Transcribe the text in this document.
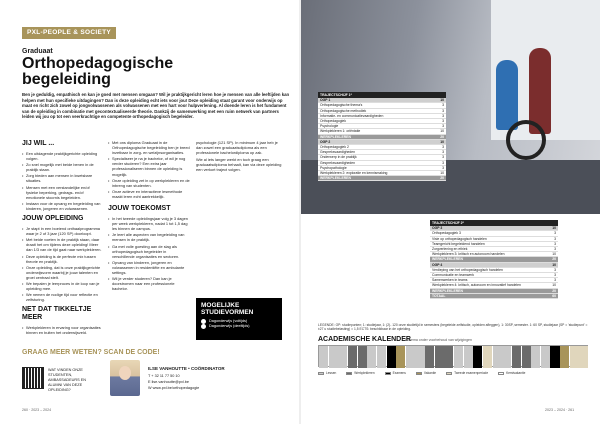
PXL-PEOPLE & SOCIETY
Graduaat
Orthopedagogische begeleiding
Ben je geduldig, empathisch en kan je goed met mensen omgaan? Wil je praktijkgericht leren hoe je mensen van alle leeftijden kan helpen met hun specifieke uitdagingen? Dan is deze opleiding echt iets voor jou! Deze opleiding staat garant voor onderwijs op maat en richt zich zowel op jongvolwassenen als volwassenen met een hart voor hulpverlening. Al doende leren is het fundament van de opleiding in combinatie met gecontextualiseerde theorie. Dankzij de samenwerking met een ruim netwerk van partners leiden wij jou op tot een veerkrachtige en competente orthopedagogisch begeleider.
JIJ WIL ...
• Een uitdagende praktijkgerichte opleiding volgen.
• Zo snel mogelijk met beide benen in de praktijk staan.
• Zorg bieden aan mensen in kwetsbare situaties.
• Mensen met een verstandelijke en/of fysieke beperking, gedrags- en/of emotionele stoornis begeleiden.
• Instaan voor de opvang en begeleiding van kinderen, jongeren en volwassenen.
JOUW OPLEIDING
• Je stapt in een boeiend onthaalprogramma waar je 2 of 3 jaar (120 SP) doorloopt.
• Met beide voeten in de praktijk staan, daar draait het om tijdens deze opleiding! Meer dan 1/3 van de tijd gaat naar werkplekleren.
• Deze opleiding is de perfecte mix tussen theorie en praktijk.
• Onze opleiding, dat is onze praktijkgerichte onderwijsvorm waarbij je jouw talenten en groei centraal stelt.
• We bepalen je leerproces in de loop van je opleiding mee.
• We nemen de nodige tijd voor reflectie en zelfsturing.
NET DAT TIKKELTJE MEER
• Werkplekleren in ervaring voor organisaties binnen en buiten het onderwijsveld.
• Met ons diploma Graduaat in de Orthopedagogische begeleiding ben je breed inzetbaar in zorg- en welzijnsorganisaties.
• Specialiseer je na je bachelor, of wil je nog verder studeren? Een extra jaar professionaliseren binnen de opleiding is mogelijk.
• Onze opleiding zet in op werkplekleren en de inbreng van studenten.
• Onze actieve en interactieve lesmethode maakt leren echt aantrekkelijk.
JOUW TOEKOMST
• In het tweede opleidingsjaar volg je 3 dagen per week werkplekleren, nadat 1 tot 1,5 dag les binnen de campus.
• Je leert alle aspecten van begeleiding van mensen in de praktijk.
• Ga met volle goesting aan de slag als orthopedagogisch begeleider in verschillende organisaties en sectoren.
• Opvang van kinderen, jongeren en volwassenen in residentiële en ambulante settings.
• Wil je verder studeren? Dan kan je doorstromen naar een professionele bachelor.

psychologie (121 SP). In minimum 4 jaar heb je dan zowel een graduaatsdiploma als een professionele bachelordiploma op zak.

Wie al iets langer werkt en toch graag een graduaatsdiploma behaalt, kan via deze opleiding een verkort traject volgen.

MOGELIJKE STUDIEVORMEN
Dagonderwijs (voltijds)
Dagonderwijs (deeltijds)
GRAAG MEER WETEN? SCAN DE CODE!
WAT VINDEN ONZE STUDENTEN, AMBASSADEURS EN ALUMNI VAN DEZE OPLEIDING?
ILSE VANHOUTTE • COÖRDINATOR
T + 32 11 77 50 10
E ilse.vanhoutte@pxl.be
W www.pxl.be/orthopedagogie
260 · 2023 – 2024
TRAJECTSCHIJF 1*
OGP 1	10
Orthopedagogische thema's	3
Orthopedagogische methodiek	3
Informatie- en communicatievaardigheden	3
Orthopedagogiek	3
Psychologie	3
Werkplekleren 1: oriëntatie	10
WERKPLEKLEREN	20
OGP 2	10
Orthopedagogiek 2	3
Gespreksvaardigheden	3
Onderwerp in de praktijk	3
Gespreksvaardigheden	3
Psychopathologie	3
Werkplekleren 2: exploratie en kennismaking	10
WERKPLEKLEREN	20
TRAJECTSCHIJF 2*
OGP 3	10
Orthopedagogiek 3	3
Visie op orthopedagogisch handelen	3
Teamgericht begeleidend handelen	3
Zorgverlening en ethiek	3
Werkplekleren 3: kritisch en autonoom handelen	10
WERKPLEKLEREN	20
OGP 4	10
Verdieping van het orthopedagogisch handelen	3
Communicatie en teamwerk	3
Samenwerken in teams	3
Werkplekleren 4: kritisch, autonoom en innovatief handelen	10
WERKPLEKLEREN	20
TOTAAL	60
LEGENDE: OP: studiepunten; 1: studiejaar, 1: (2)- 120 onze studietijd in semesters (begeleide zelfstudie, opleiden afleggen), 1: 30SP, semester. 1: 60 SP, studiejaar (SP = 'studiepunt' = ±27 u studiebelasting) = 1,5 ECTS: beschikbaar in de opleiding.
ACADEMISCHE KALENDER
Schema onder voorbehoud van wijzigingen
Lessen	Werkplekleren	Examens	Vakantie	Tweede examenperiode	Kerstvakantie
2023 – 2024 · 261
